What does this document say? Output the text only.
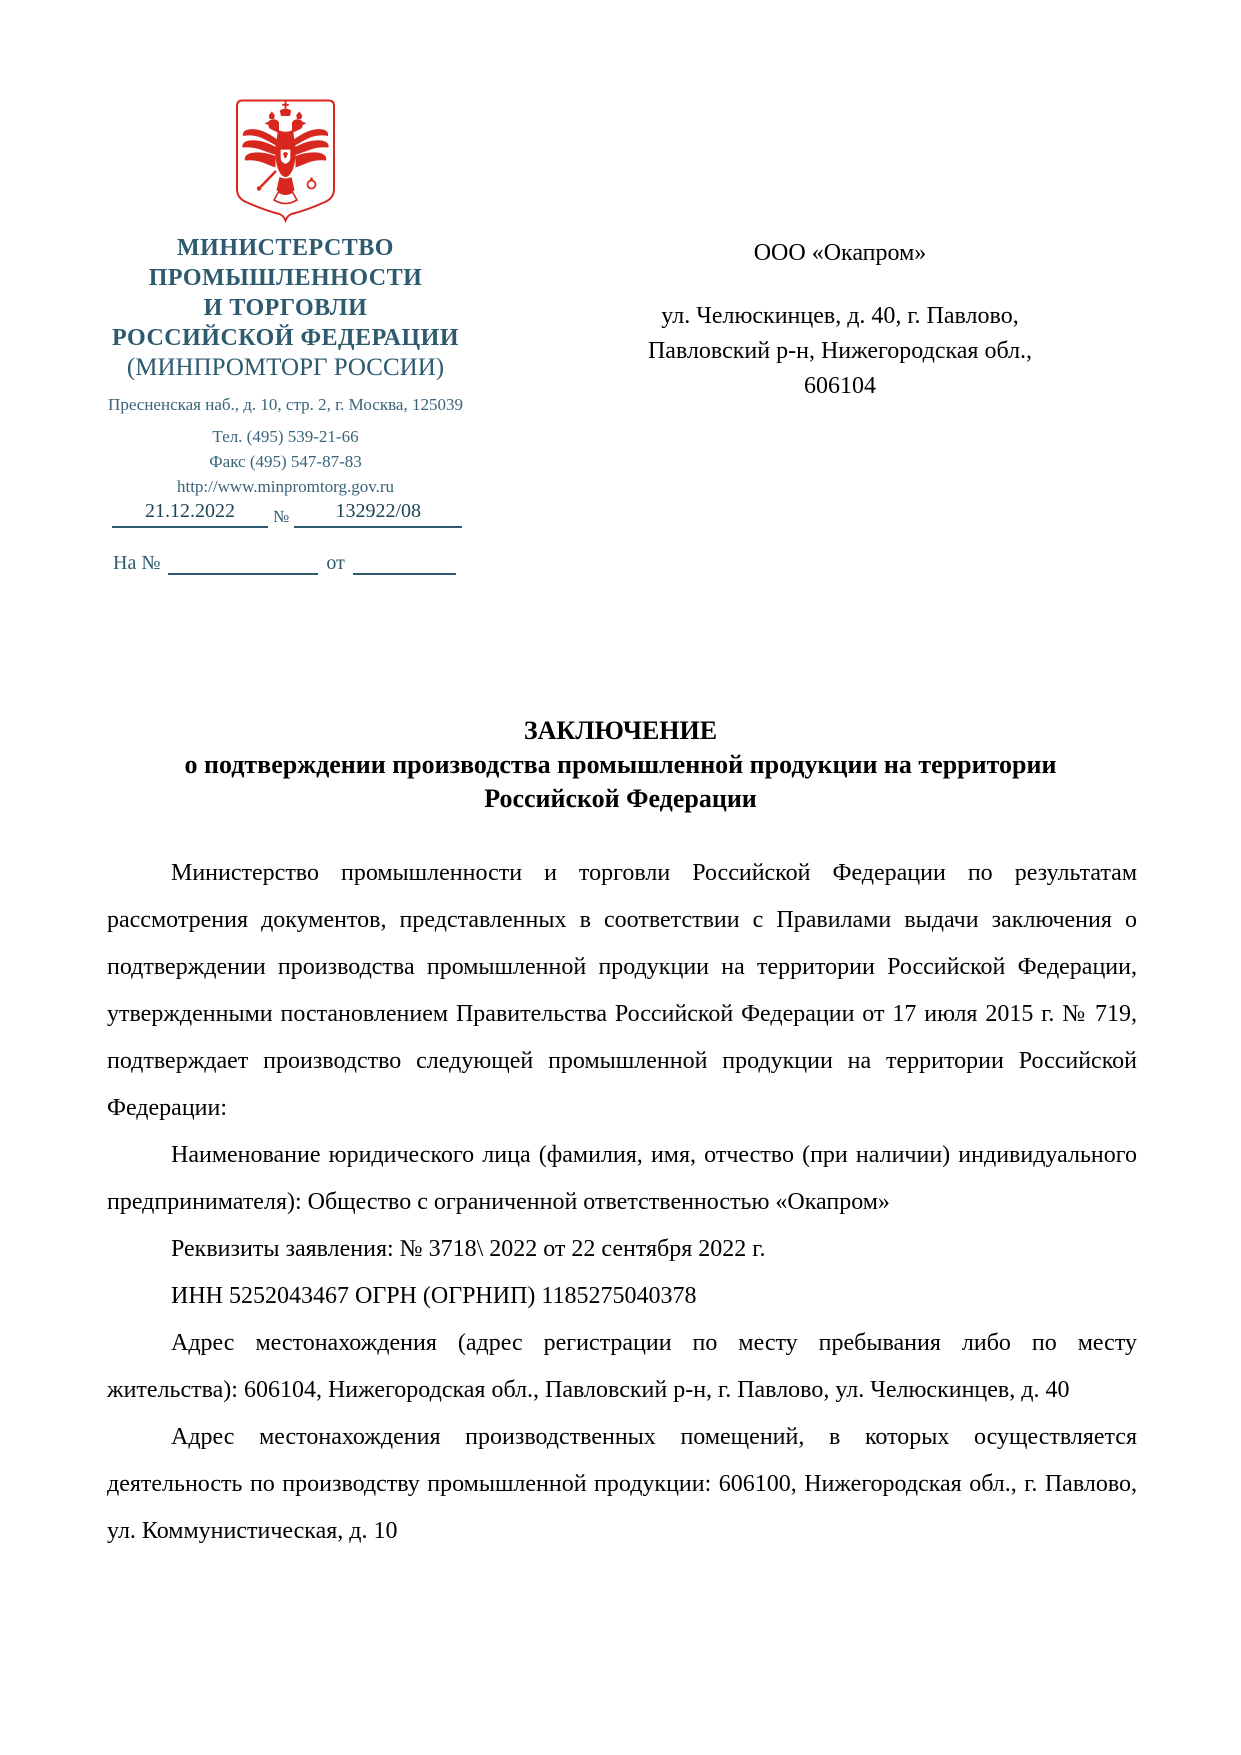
МИНИСТЕРСТВО
ПРОМЫШЛЕННОСТИ
И ТОРГОВЛИ
РОССИЙСКОЙ ФЕДЕРАЦИИ
(МИНПРОМТОРГ РОССИИ)
Пресненская наб., д. 10, стр. 2, г. Москва, 125039
Тел. (495) 539-21-66
Факс (495) 547-87-83
http://www.minpromtorg.gov.ru
21.12.2022 № 132922/08
На №	от
ООО «Окапром»
ул. Челюскинцев, д. 40, г. Павлово,
Павловский р-н, Нижегородская обл.,
606104
ЗАКЛЮЧЕНИЕ
о подтверждении производства промышленной продукции на территории
Российской Федерации

Министерство промышленности и торговли Российской Федерации по результатам рассмотрения документов, представленных в соответствии с Правилами выдачи заключения о подтверждении производства промышленной продукции на территории Российской Федерации, утвержденными постановлением Правительства Российской Федерации от 17 июля 2015 г. № 719, подтверждает производство следующей промышленной продукции на территории Российской Федерации:

Наименование юридического лица (фамилия, имя, отчество (при наличии) индивидуального предпринимателя): Общество с ограниченной ответственностью «Окапром»

Реквизиты заявления: № 3718\ 2022 от 22 сентября 2022 г.

ИНН 5252043467 ОГРН (ОГРНИП) 1185275040378

Адрес местонахождения (адрес регистрации по месту пребывания либо по месту жительства): 606104, Нижегородская обл., Павловский р-н, г. Павлово, ул. Челюскинцев, д. 40

Адрес местонахождения производственных помещений, в которых осуществляется деятельность по производству промышленной продукции: 606100, Нижегородская обл., г. Павлово, ул. Коммунистическая, д. 10
